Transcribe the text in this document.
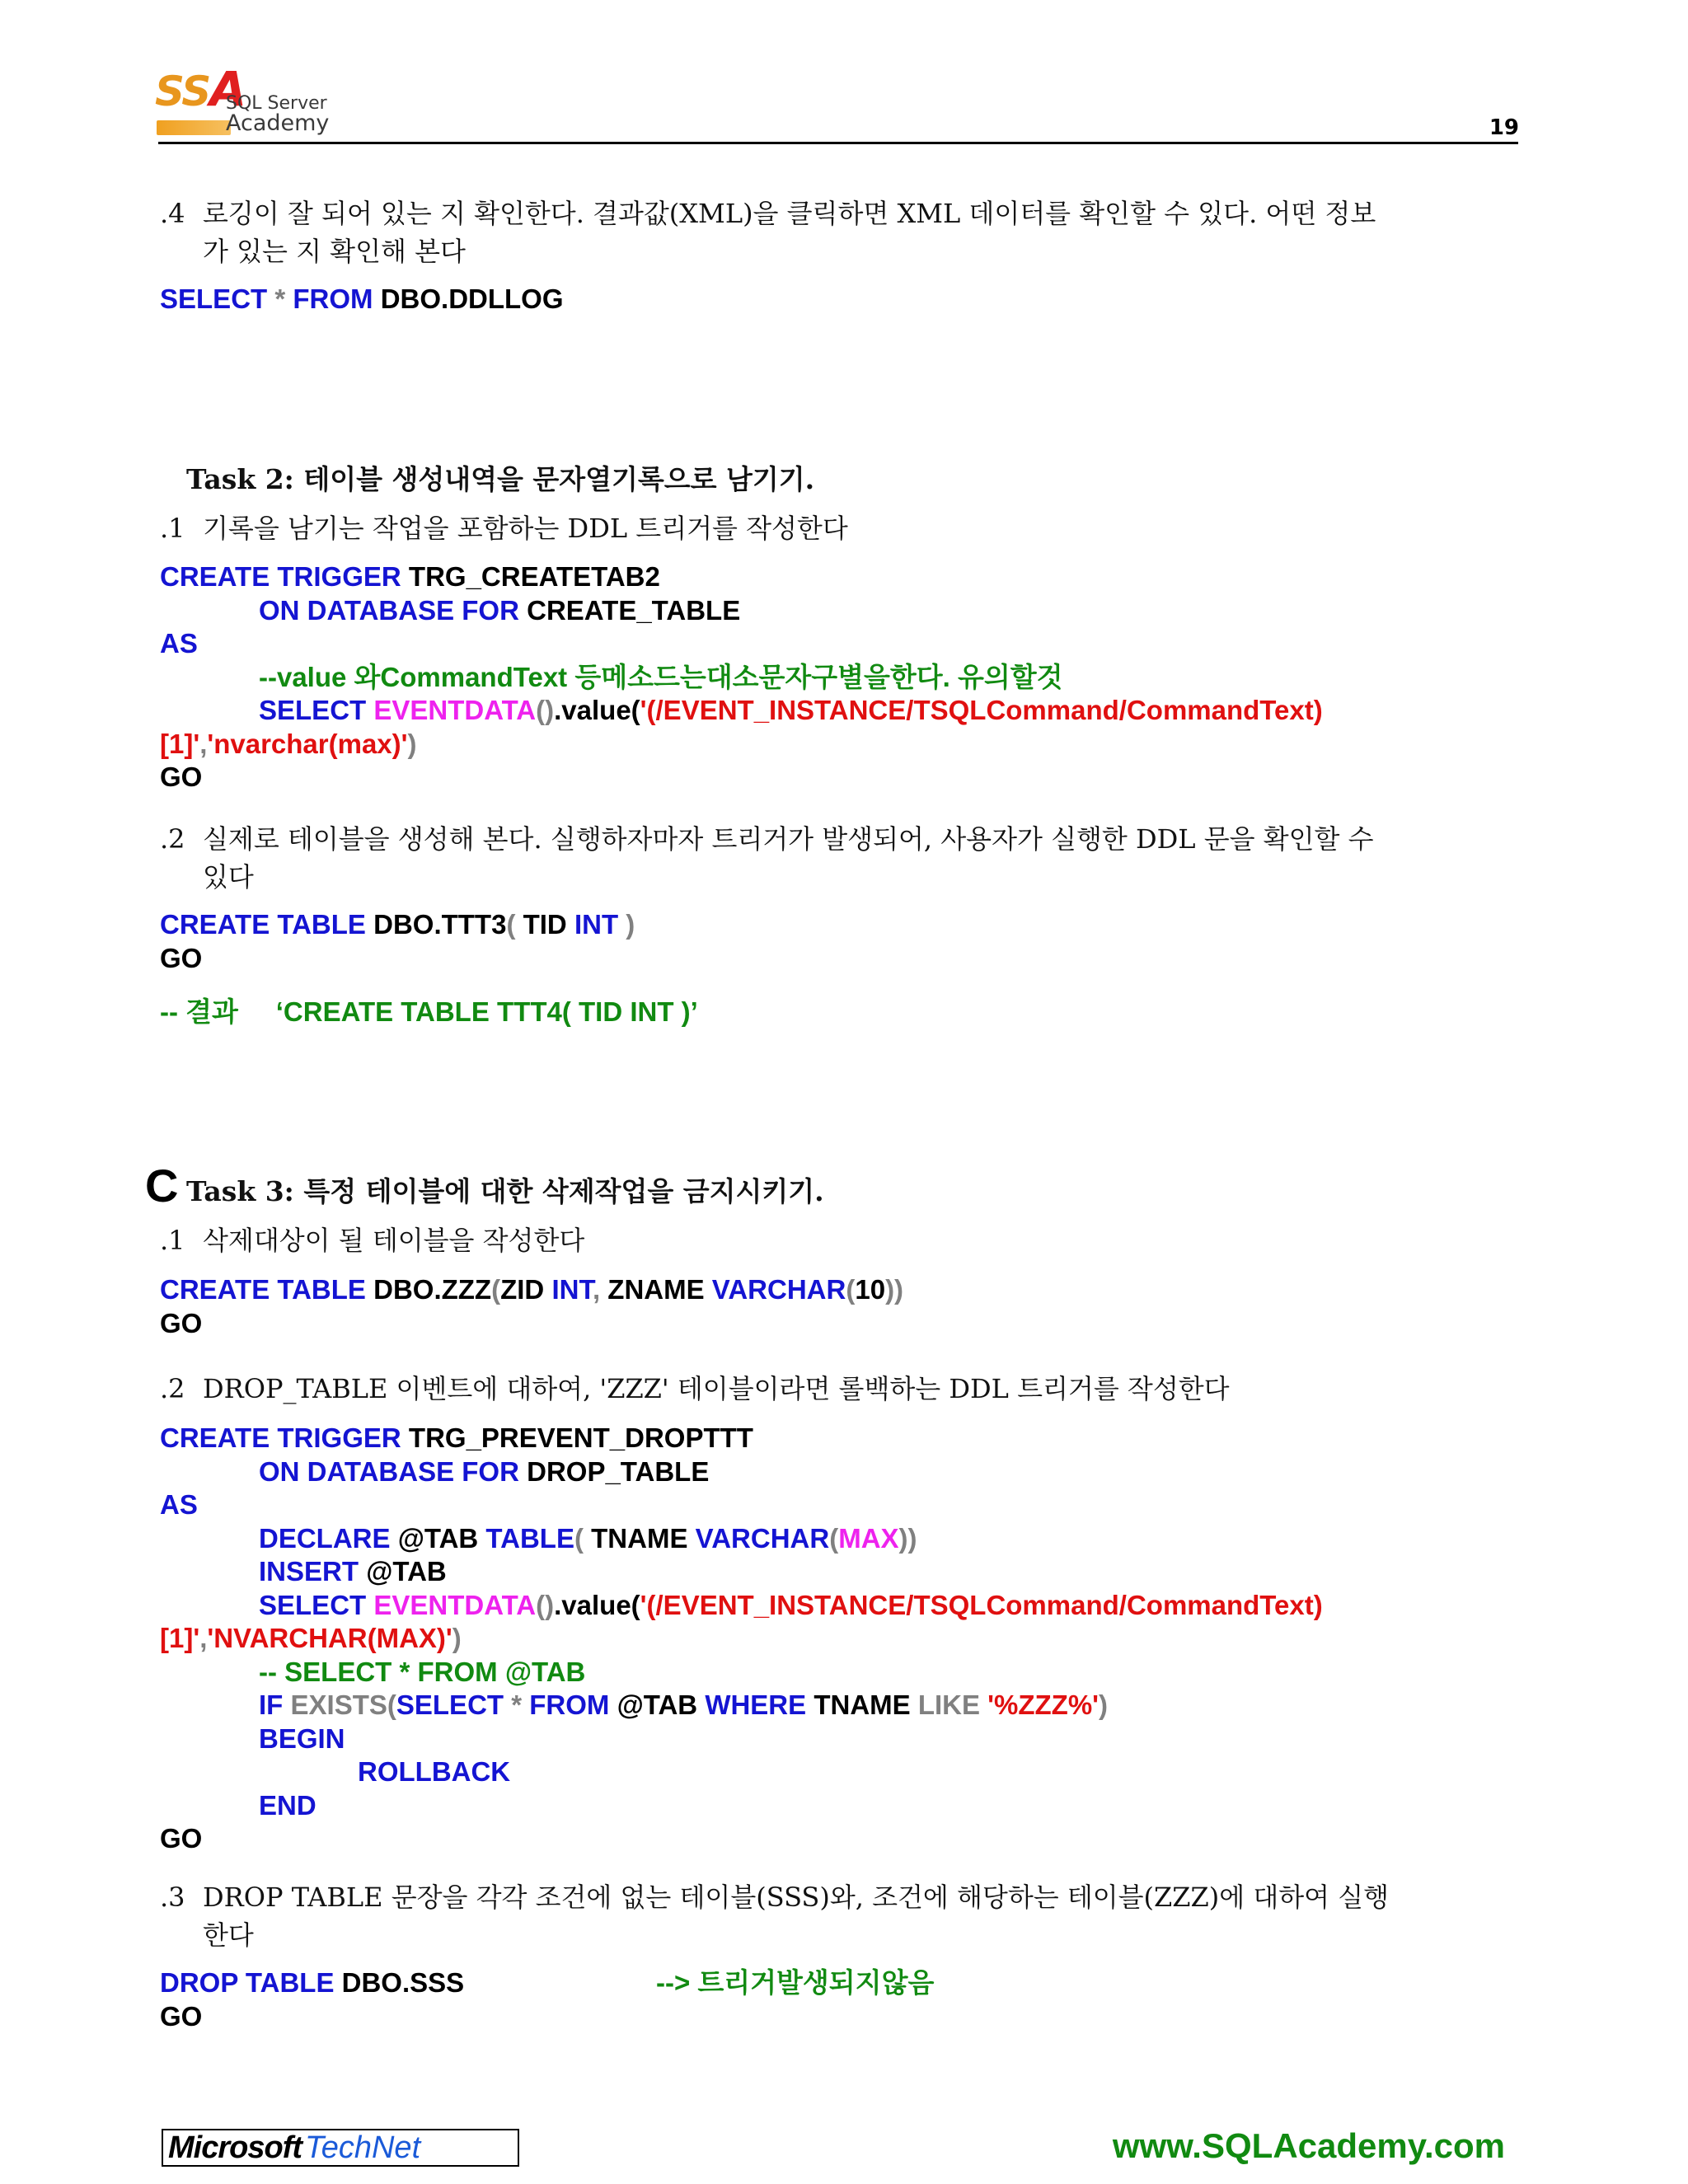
SSA
SQL Server
Academy	19
.4 로깅이 잘 되어 있는 지 확인한다. 결과값(XML)을 클릭하면 XML 데이터를 확인할 수 있다. 어떤 정보
가 있는 지 확인해 본다
SELECT * FROM DBO.DDLLOG
Task 2: 테이블 생성내역을 문자열기록으로 남기기.
.1 기록을 남기는 작업을 포함하는 DDL 트리거를 작성한다
CREATE TRIGGER TRG_CREATETAB2
ON DATABASE FOR CREATE_TABLE
AS
--value 와CommandText 등메소드는대소문자구별을한다. 유의할것
SELECT EVENTDATA().value('(/EVENT_INSTANCE/TSQLCommand/CommandText)
[1]','nvarchar(max)')
GO
.2 실제로 테이블을 생성해 본다. 실행하자마자 트리거가 발생되어, 사용자가 실행한 DDL 문을 확인할 수
있다
CREATE TABLE DBO.TTT3( TID INT )
GO
-- 결과 ‘CREATE TABLE TTT4( TID INT )’
C Task 3: 특정 테이블에 대한 삭제작업을 금지시키기.
.1 삭제대상이 될 테이블을 작성한다
CREATE TABLE DBO.ZZZ(ZID INT, ZNAME VARCHAR(10))
GO
.2 DROP_TABLE 이벤트에 대하여, 'ZZZ' 테이블이라면 롤백하는 DDL 트리거를 작성한다
CREATE TRIGGER TRG_PREVENT_DROPTTT
ON DATABASE FOR DROP_TABLE
AS
DECLARE @TAB TABLE( TNAME VARCHAR(MAX))
INSERT @TAB
SELECT EVENTDATA().value('(/EVENT_INSTANCE/TSQLCommand/CommandText)
[1]','NVARCHAR(MAX)')
-- SELECT * FROM @TAB
IF EXISTS(SELECT * FROM @TAB WHERE TNAME LIKE '%ZZZ%')
BEGIN
ROLLBACK
END
GO
.3 DROP TABLE 문장을 각각 조건에 없는 테이블(SSS)와, 조건에 해당하는 테이블(ZZZ)에 대하여 실행
한다
DROP TABLE DBO.SSS
GO
--> 트리거발생되지않음
Microsoft TechNet	www.SQLAcademy.com
